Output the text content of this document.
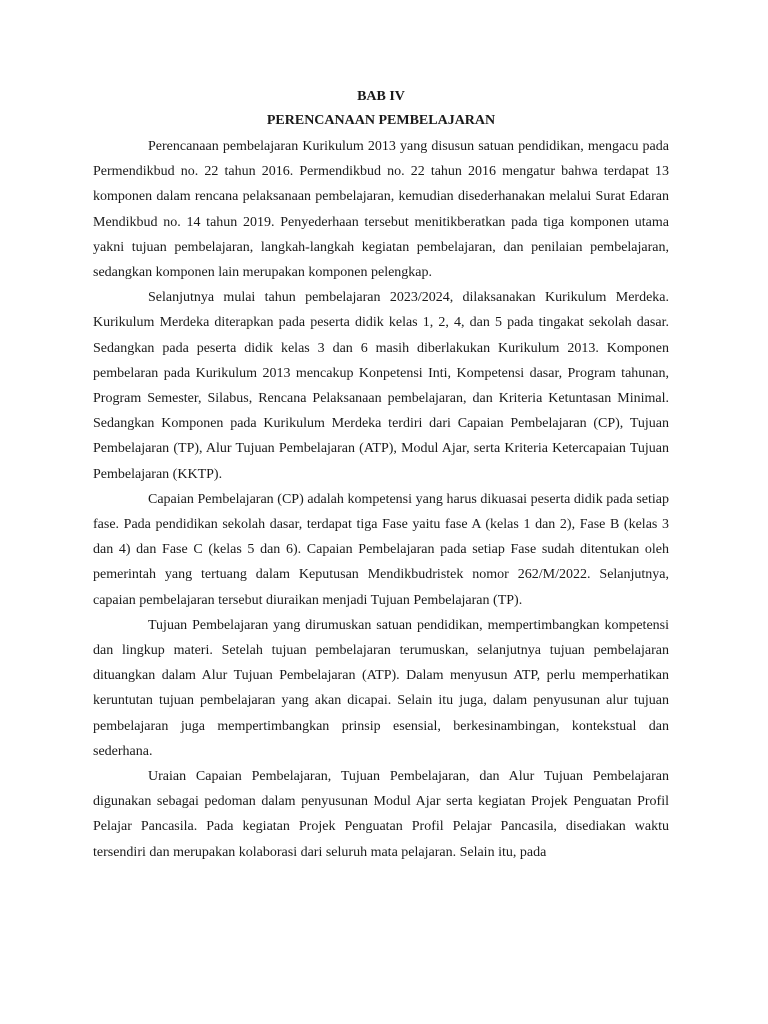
BAB IV
PERENCANAAN PEMBELAJARAN

Perencanaan pembelajaran Kurikulum 2013 yang disusun satuan pendidikan, mengacu pada Permendikbud no. 22 tahun 2016. Permendikbud no. 22 tahun 2016 mengatur bahwa terdapat 13 komponen dalam rencana pelaksanaan pembelajaran, kemudian disederhanakan melalui Surat Edaran Mendikbud no. 14 tahun 2019. Penyederhaan tersebut menitikberatkan pada tiga komponen utama yakni tujuan pembelajaran, langkah-langkah kegiatan pembelajaran, dan penilaian pembelajaran, sedangkan komponen lain merupakan komponen pelengkap.

Selanjutnya mulai tahun pembelajaran 2023/2024, dilaksanakan Kurikulum Merdeka. Kurikulum Merdeka diterapkan pada peserta didik kelas 1, 2, 4, dan 5 pada tingakat sekolah dasar. Sedangkan pada peserta didik kelas 3 dan 6 masih diberlakukan Kurikulum 2013. Komponen pembelaran pada Kurikulum 2013 mencakup Konpetensi Inti, Kompetensi dasar, Program tahunan, Program Semester, Silabus, Rencana Pelaksanaan pembelajaran, dan Kriteria Ketuntasan Minimal. Sedangkan Komponen pada Kurikulum Merdeka terdiri dari Capaian Pembelajaran (CP), Tujuan Pembelajaran (TP), Alur Tujuan Pembelajaran (ATP), Modul Ajar, serta Kriteria Ketercapaian Tujuan Pembelajaran (KKTP).

Capaian Pembelajaran (CP) adalah kompetensi yang harus dikuasai peserta didik pada setiap fase. Pada pendidikan sekolah dasar, terdapat tiga Fase yaitu fase A (kelas 1 dan 2), Fase B (kelas 3 dan 4) dan Fase C (kelas 5 dan 6). Capaian Pembelajaran pada setiap Fase sudah ditentukan oleh pemerintah yang tertuang dalam Keputusan Mendikbudristek nomor 262/M/2022. Selanjutnya, capaian pembelajaran tersebut diuraikan menjadi Tujuan Pembelajaran (TP).

Tujuan Pembelajaran yang dirumuskan satuan pendidikan, mempertimbangkan kompetensi dan lingkup materi. Setelah tujuan pembelajaran terumuskan, selanjutnya tujuan pembelajaran dituangkan dalam Alur Tujuan Pembelajaran (ATP). Dalam menyusun ATP, perlu memperhatikan keruntutan tujuan pembelajaran yang akan dicapai. Selain itu juga, dalam penyusunan alur tujuan pembelajaran juga mempertimbangkan prinsip esensial, berkesinambingan, kontekstual dan sederhana.

Uraian Capaian Pembelajaran, Tujuan Pembelajaran, dan Alur Tujuan Pembelajaran digunakan sebagai pedoman dalam penyusunan Modul Ajar serta kegiatan Projek Penguatan Profil Pelajar Pancasila. Pada kegiatan Projek Penguatan Profil Pelajar Pancasila, disediakan waktu tersendiri dan merupakan kolaborasi dari seluruh mata pelajaran. Selain itu, pada
